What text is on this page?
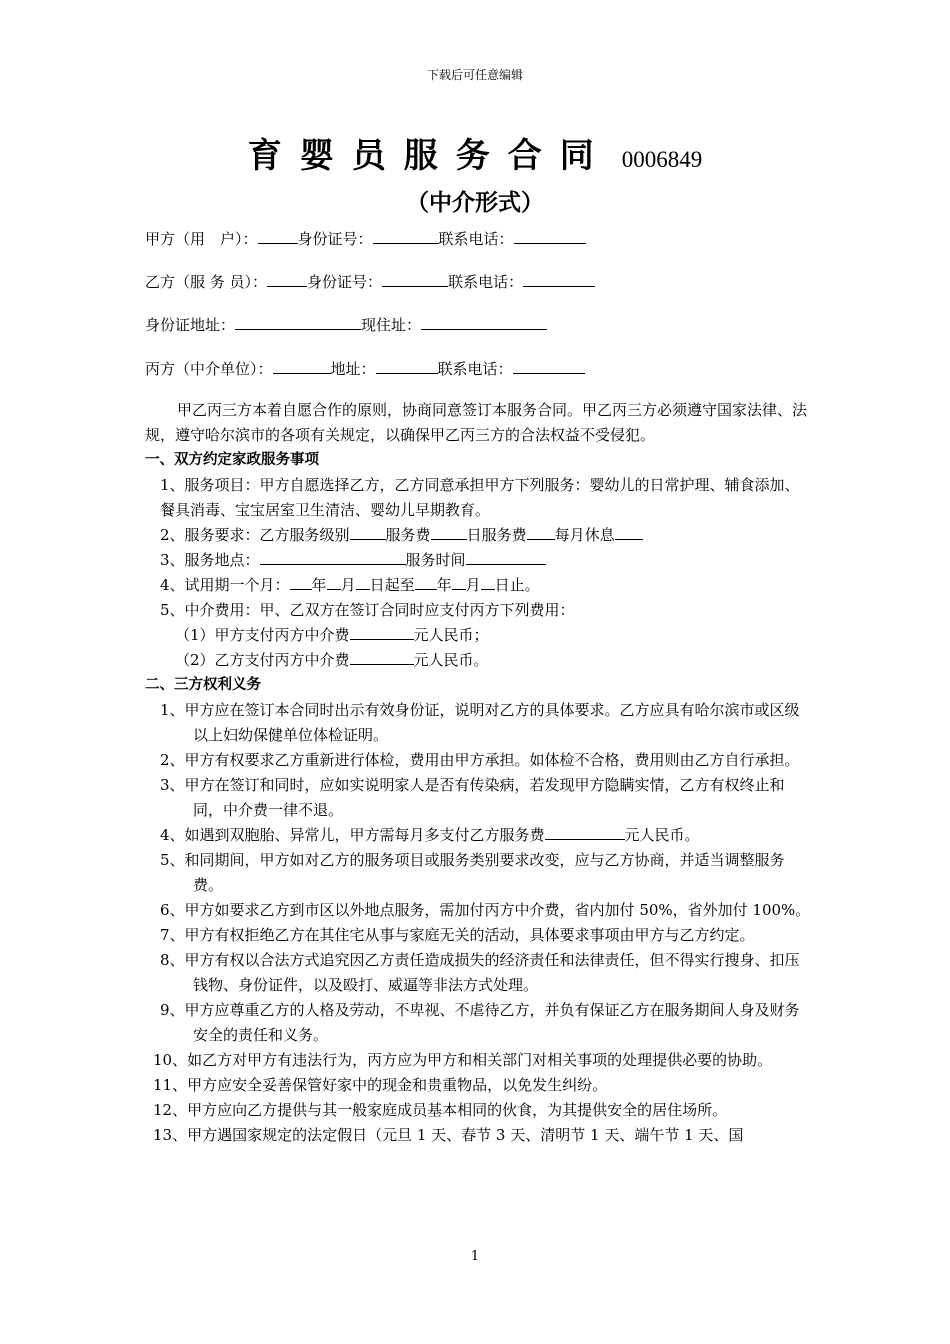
下载后可任意编辑
育婴员服务合同 0006849
（中介形式）
甲方（用　户）：	身份证号：	联系电话：
乙方（服 务 员）：	身份证号：	联系电话：
身份证地址：	现住址：
丙方（中介单位）：	地址：	联系电话：

甲乙丙三方本着自愿合作的原则，协商同意签订本服务合同。甲乙丙三方必须遵守国家法律、法规，遵守哈尔滨市的各项有关规定，以确保甲乙丙三方的合法权益不受侵犯。

一、双方约定家政服务事项

1、服务项目：甲方自愿选择乙方，乙方同意承担甲方下列服务：婴幼儿的日常护理、辅食添加、餐具消毒、宝宝居室卫生清洁、婴幼儿早期教育。

2、服务要求：乙方服务级别 服务费 日服务费 每月休息

3、服务地点：	服务时间

4、试用期一个月： 年 月 日起至 年 月 日止。

5、中介费用：甲、乙双方在签订合同时应支付丙方下列费用：

（1）甲方支付丙方中介费	元人民币；

（2）乙方支付丙方中介费	元人民币。

二、三方权利义务

1、甲方应在签订本合同时出示有效身份证，说明对乙方的具体要求。乙方应具有哈尔滨市或区级以上妇幼保健单位体检证明。

2、甲方有权要求乙方重新进行体检，费用由甲方承担。如体检不合格，费用则由乙方自行承担。

3、甲方在签订和同时，应如实说明家人是否有传染病，若发现甲方隐瞒实情，乙方有权终止和同，中介费一律不退。

4、如遇到双胞胎、异常儿，甲方需每月多支付乙方服务费	元人民币。

5、和同期间，甲方如对乙方的服务项目或服务类别要求改变，应与乙方协商，并适当调整服务费。

6、甲方如要求乙方到市区以外地点服务，需加付丙方中介费，省内加付 50%，省外加付 100%。

7、甲方有权拒绝乙方在其住宅从事与家庭无关的活动，具体要求事项由甲方与乙方约定。

8、甲方有权以合法方式追究因乙方责任造成损失的经济责任和法律责任，但不得实行搜身、扣压钱物、身份证件，以及殴打、威逼等非法方式处理。

9、甲方应尊重乙方的人格及劳动，不卑视、不虐待乙方，并负有保证乙方在服务期间人身及财务安全的责任和义务。

10、如乙方对甲方有违法行为，丙方应为甲方和相关部门对相关事项的处理提供必要的协助。

11、甲方应安全妥善保管好家中的现金和贵重物品，以免发生纠纷。

12、甲方应向乙方提供与其一般家庭成员基本相同的伙食，为其提供安全的居住场所。

13、甲方遇国家规定的法定假日（元旦 1 天、春节 3 天、清明节 1 天、端午节 1 天、国

1
